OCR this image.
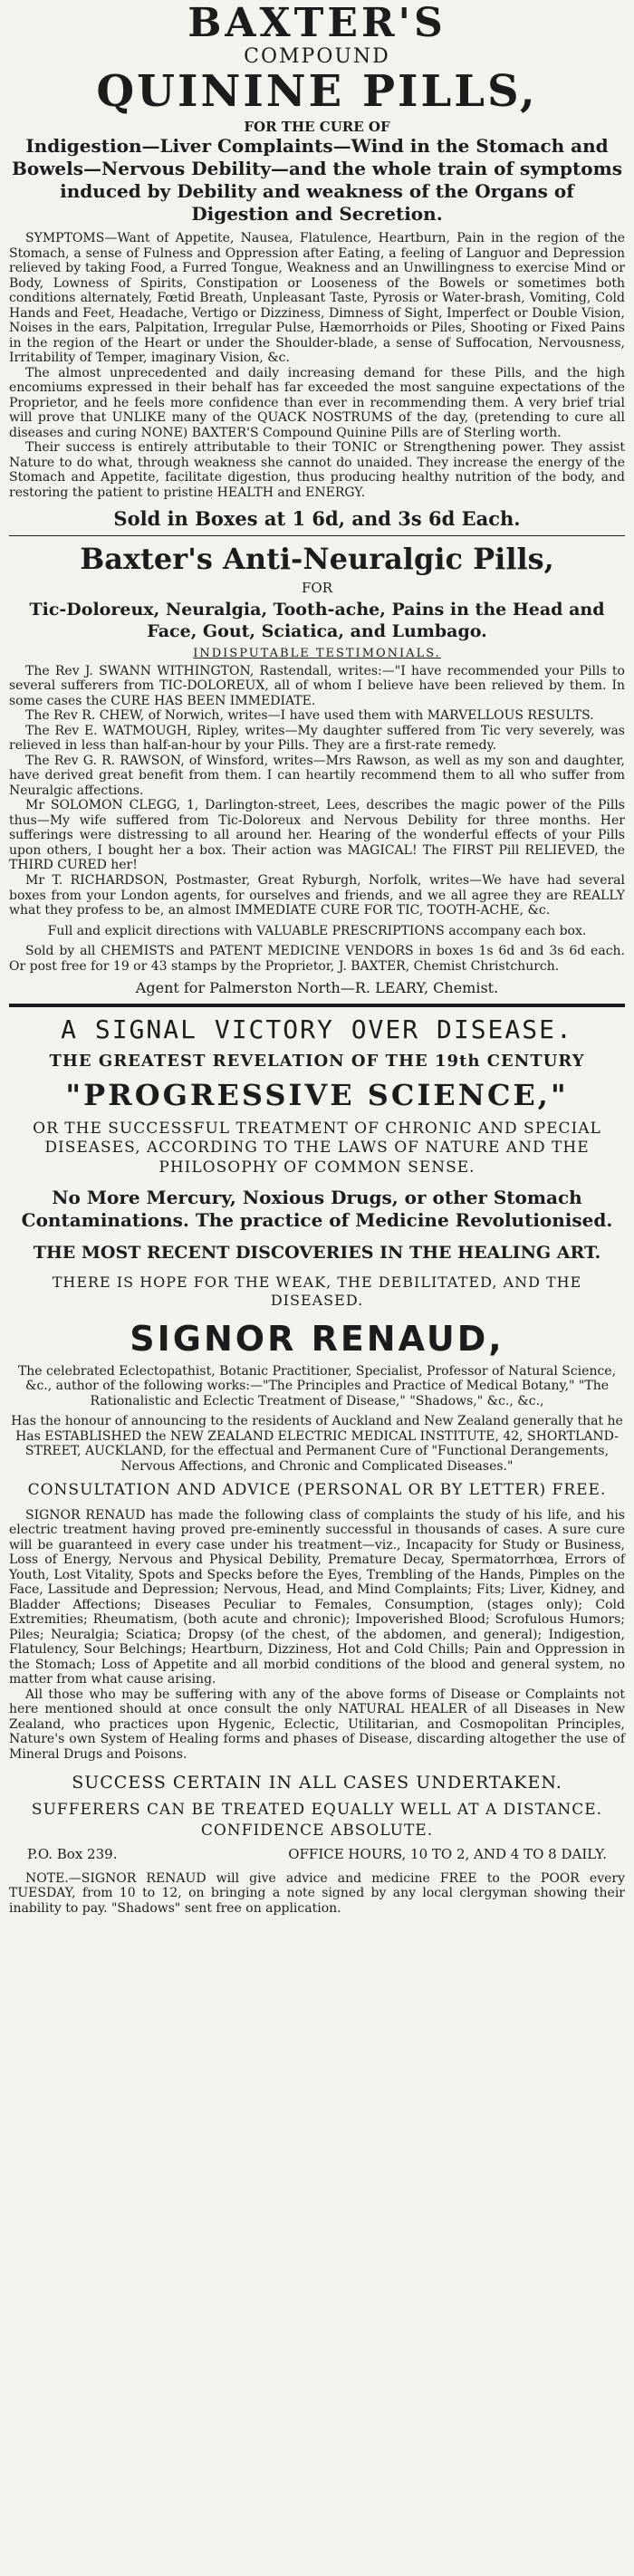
BAXTER'S
COMPOUND
QUININE PILLS,
FOR THE CURE OF

Indigestion—Liver Complaints—Wind in the Stomach and Bowels—Nervous Debility—and the whole train of symptoms induced by Debility and weakness of the Organs of Digestion and Secretion.

SYMPTOMS—Want of Appetite, Nausea, Flatulence, Heartburn, Pain in the region of the Stomach, a sense of Fulness and Oppression after Eating, a feeling of Languor and Depression relieved by taking Food, a Furred Tongue, Weakness and an Unwillingness to exercise Mind or Body, Lowness of Spirits, Constipation or Looseness of the Bowels or sometimes both conditions alternately, Fœtid Breath, Unpleasant Taste, Pyrosis or Water-brash, Vomiting, Cold Hands and Feet, Headache, Vertigo or Dizziness, Dimness of Sight, Imperfect or Double Vision, Noises in the ears, Palpitation, Irregular Pulse, Hæmorrhoids or Piles, Shooting or Fixed Pains in the region of the Heart or under the Shoulder-blade, a sense of Suffocation, Nervousness, Irritability of Temper, imaginary Vision, &c.

The almost unprecedented and daily increasing demand for these Pills, and the high encomiums expressed in their behalf has far exceeded the most sanguine expectations of the Proprietor, and he feels more confidence than ever in recommending them. A very brief trial will prove that UNLIKE many of the QUACK NOSTRUMS of the day, (pretending to cure all diseases and curing NONE) BAXTER'S Compound Quinine Pills are of Sterling worth.

Their success is entirely attributable to their TONIC or Strengthening power. They assist Nature to do what, through weakness she cannot do unaided. They increase the energy of the Stomach and Appetite, facilitate digestion, thus producing healthy nutrition of the body, and restoring the patient to pristine HEALTH and ENERGY.

Sold in Boxes at 1 6d, and 3s 6d Each.
Baxter's Anti-Neuralgic Pills,
FOR

Tic-Doloreux, Neuralgia, Tooth-ache, Pains in the Head and Face, Gout, Sciatica, and Lumbago.

INDISPUTABLE TESTIMONIALS.

The Rev J. SWANN WITHINGTON, Rastendall, writes:—"I have recommended your Pills to several sufferers from TIC-DOLOREUX, all of whom I believe have been relieved by them. In some cases the CURE HAS BEEN IMMEDIATE.

The Rev R. CHEW, of Norwich, writes—I have used them with MARVELLOUS RESULTS.

The Rev E. WATMOUGH, Ripley, writes—My daughter suffered from Tic very severely, was relieved in less than half-an-hour by your Pills. They are a first-rate remedy.

The Rev G. R. RAWSON, of Winsford, writes—Mrs Rawson, as well as my son and daughter, have derived great benefit from them. I can heartily recommend them to all who suffer from Neuralgic affections.

Mr SOLOMON CLEGG, 1, Darlington-street, Lees, describes the magic power of the Pills thus—My wife suffered from Tic-Doloreux and Nervous Debility for three months. Her sufferings were distressing to all around her. Hearing of the wonderful effects of your Pills upon others, I bought her a box. Their action was MAGICAL! The FIRST Pill RELIEVED, the THIRD CURED her!

Mr T. RICHARDSON, Postmaster, Great Ryburgh, Norfolk, writes—We have had several boxes from your London agents, for ourselves and friends, and we all agree they are REALLY what they profess to be, an almost IMMEDIATE CURE FOR TIC, TOOTH-ACHE, &c.

Full and explicit directions with VALUABLE PRESCRIPTIONS accompany each box.

Sold by all CHEMISTS and PATENT MEDICINE VENDORS in boxes 1s 6d and 3s 6d each. Or post free for 19 or 43 stamps by the Proprietor, J. BAXTER, Chemist Christchurch.

Agent for Palmerston North—R. LEARY, Chemist.
A SIGNAL VICTORY OVER DISEASE.
THE GREATEST REVELATION OF THE 19th CENTURY
"PROGRESSIVE SCIENCE,"

OR THE SUCCESSFUL TREATMENT OF CHRONIC AND SPECIAL DISEASES, ACCORDING TO THE LAWS OF NATURE AND THE PHILOSOPHY OF COMMON SENSE.

No More Mercury, Noxious Drugs, or other Stomach Contaminations. The practice of Medicine Revolutionised.

THE MOST RECENT DISCOVERIES IN THE HEALING ART.

THERE IS HOPE FOR THE WEAK, THE DEBILITATED, AND THE DISEASED.

SIGNOR RENAUD,

The celebrated Eclectopathist, Botanic Practitioner, Specialist, Professor of Natural Science, &c., author of the following works:—"The Principles and Practice of Medical Botany," "The Rationalistic and Eclectic Treatment of Disease," "Shadows," &c., &c.,

Has the honour of announcing to the residents of Auckland and New Zealand generally that he Has ESTABLISHED the NEW ZEALAND ELECTRIC MEDICAL INSTITUTE, 42, SHORTLAND-STREET, AUCKLAND, for the effectual and Permanent Cure of "Functional Derangements, Nervous Affections, and Chronic and Complicated Diseases."

CONSULTATION AND ADVICE (PERSONAL OR BY LETTER) FREE.

SIGNOR RENAUD has made the following class of complaints the study of his life, and his electric treatment having proved pre-eminently successful in thousands of cases. A sure cure will be guaranteed in every case under his treatment—viz., Incapacity for Study or Business, Loss of Energy, Nervous and Physical Debility, Premature Decay, Spermatorrhœa, Errors of Youth, Lost Vitality, Spots and Specks before the Eyes, Trembling of the Hands, Pimples on the Face, Lassitude and Depression; Nervous, Head, and Mind Complaints; Fits; Liver, Kidney, and Bladder Affections; Diseases Peculiar to Females, Consumption, (stages only); Cold Extremities; Rheumatism, (both acute and chronic); Impoverished Blood; Scrofulous Humors; Piles; Neuralgia; Sciatica; Dropsy (of the chest, of the abdomen, and general); Indigestion, Flatulency, Sour Belchings; Heartburn, Dizziness, Hot and Cold Chills; Pain and Oppression in the Stomach; Loss of Appetite and all morbid conditions of the blood and general system, no matter from what cause arising.

All those who may be suffering with any of the above forms of Disease or Complaints not here mentioned should at once consult the only NATURAL HEALER of all Diseases in New Zealand, who practices upon Hygenic, Eclectic, Utilitarian, and Cosmopolitan Principles, Nature's own System of Healing forms and phases of Disease, discarding altogether the use of Mineral Drugs and Poisons.

SUCCESS CERTAIN IN ALL CASES UNDERTAKEN.

SUFFERERS CAN BE TREATED EQUALLY WELL AT A DISTANCE. CONFIDENCE ABSOLUTE.

P.O. Box 239.	OFFICE HOURS, 10 TO 2, AND 4 TO 8 DAILY.

NOTE.—SIGNOR RENAUD will give advice and medicine FREE to the POOR every TUESDAY, from 10 to 12, on bringing a note signed by any local clergyman showing their inability to pay. "Shadows" sent free on application.
